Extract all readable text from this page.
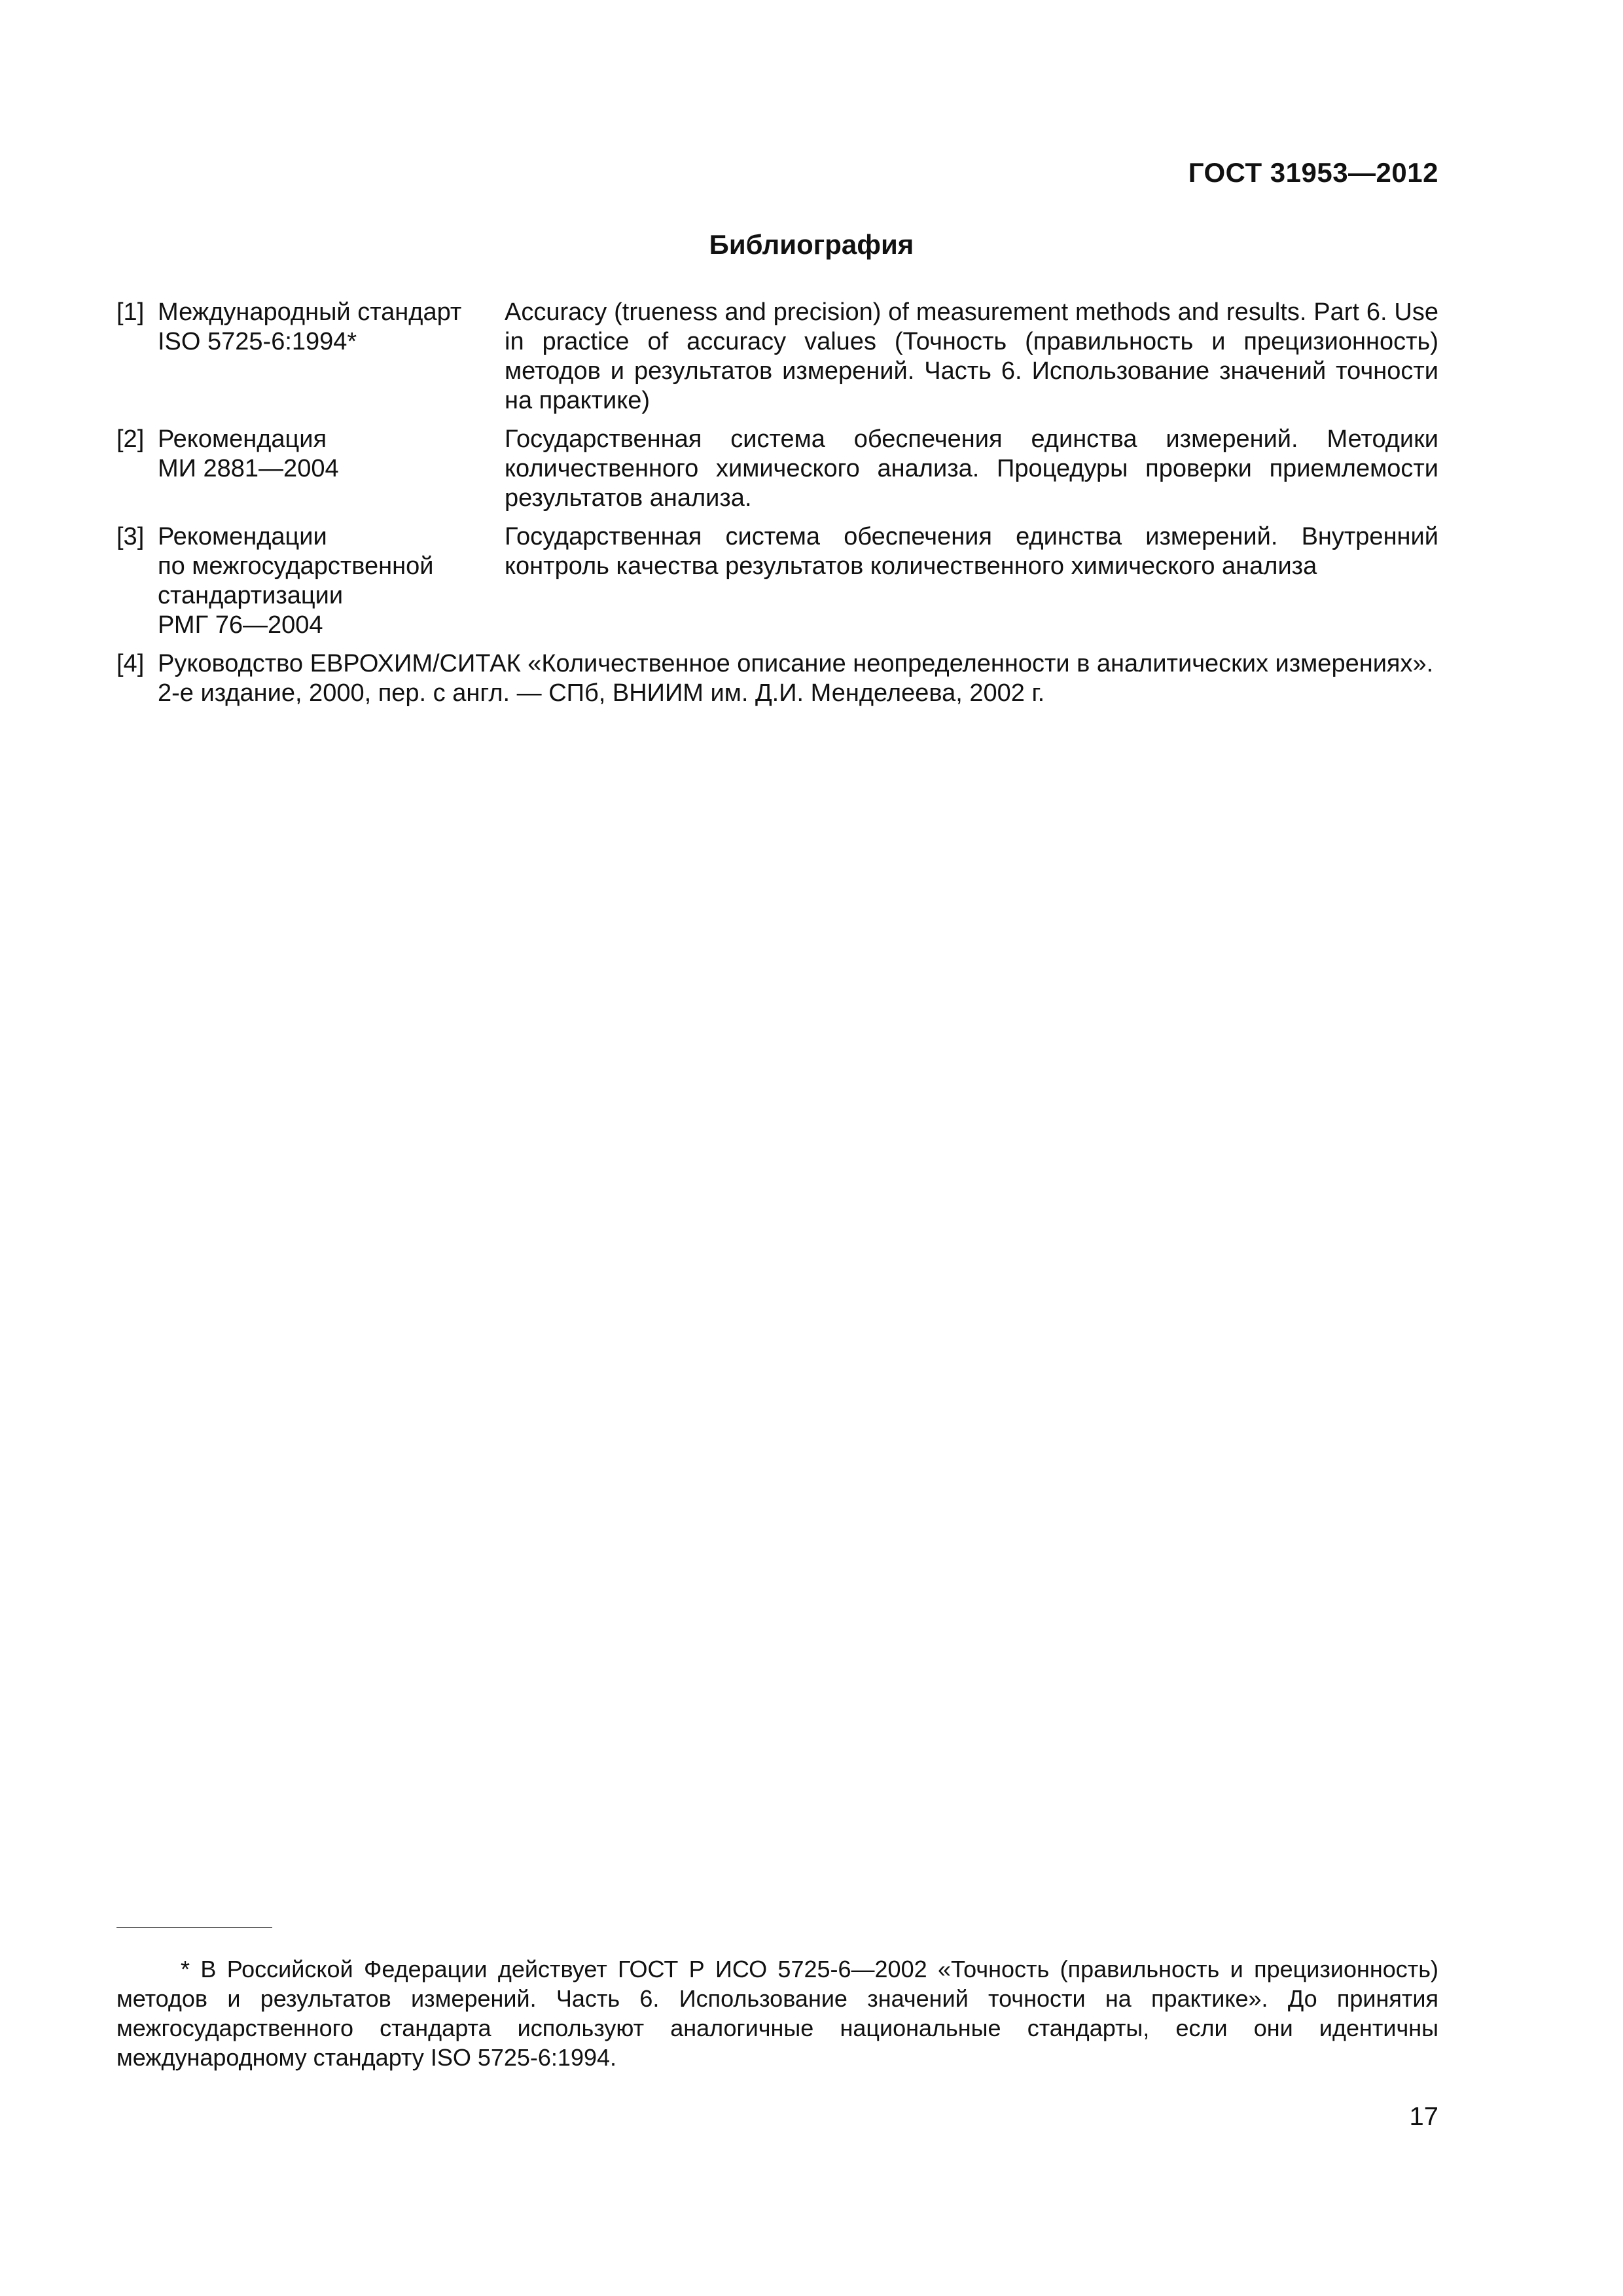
ГОСТ 31953—2012
Библиография
[1] Международный стандарт
ISO 5725-6:1994*
Accuracy (trueness and precision) of measurement methods and results. Part 6. Use in practice of accuracy values (Точность (правильность и прецизионность) методов и результатов измерений. Часть 6. Использование значений точности на практике)
[2] Рекомендация
МИ 2881—2004
Государственная система обеспечения единства измерений. Методики количественного химического анализа. Процедуры проверки приемлемости результатов анализа.
[3] Рекомендации
по межгосударственной
стандартизации
РМГ 76—2004
Государственная система обеспечения единства измерений. Внутренний контроль качества результатов количественного химического анализа
[4] Руководство ЕВРОХИМ/СИТАК «Количественное описание неопределенности в аналитических измерениях». 2-е издание, 2000, пер. с англ. — СПб, ВНИИМ им. Д.И. Менделеева, 2002 г.
* В Российской Федерации действует ГОСТ Р ИСО 5725-6—2002 «Точность (правильность и прецизионность) методов и результатов измерений. Часть 6. Использование значений точности на практике». До принятия межгосударственного стандарта используют аналогичные национальные стандарты, если они идентичны международному стандарту ISO 5725-6:1994.
17
